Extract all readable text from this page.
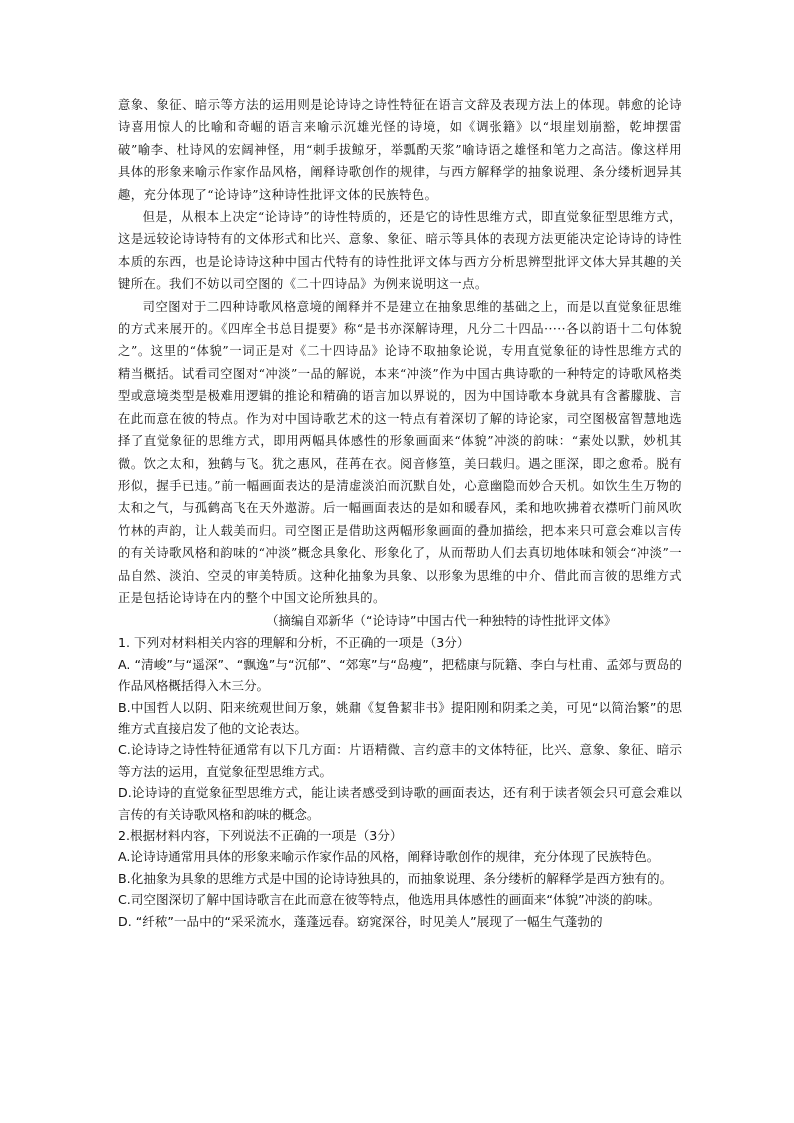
意象、象征、暗示等方法的运用则是论诗诗之诗性特征在语言文辞及表现方法上的体现。韩愈的论诗诗喜用惊人的比喻和奇崛的语言来喻示沉雄光怪的诗境，如《调张籍》以“垠崖划崩豁，乾坤摆雷破”喻李、杜诗风的宏阔神怪，用“刺手拔鲸牙，举瓢酌天浆”喻诗语之雄怪和笔力之高洁。像这样用具体的形象来喻示作家作品风格，阐释诗歌创作的规律，与西方解释学的抽象说理、条分缕析迥异其趣，充分体现了“论诗诗”这种诗性批评文体的民族特色。

但是，从根本上决定“论诗诗”的诗性特质的，还是它的诗性思维方式，即直觉象征型思维方式，这是远较论诗诗特有的文体形式和比兴、意象、象征、暗示等具体的表现方法更能决定论诗诗的诗性本质的东西，也是论诗诗这种中国古代特有的诗性批评文体与西方分析思辨型批评文体大异其趣的关键所在。我们不妨以司空图的《二十四诗品》为例来说明这一点。

司空图对于二四种诗歌风格意境的阐释并不是建立在抽象思维的基础之上，而是以直觉象征思维的方式来展开的。《四库全书总目提要》称“是书亦深解诗理，凡分二十四品·····各以韵语十二句体貌之”。这里的“体貌”一词正是对《二十四诗品》论诗不取抽象论说，专用直觉象征的诗性思维方式的精当概括。试看司空图对“冲淡”一品的解说，本来“冲淡”作为中国古典诗歌的一种特定的诗歌风格类型或意境类型是极难用逻辑的推论和精确的语言加以界说的，因为中国诗歌本身就具有含蓄朦胧、言在此而意在彼的特点。作为对中国诗歌艺术的这一特点有着深切了解的诗论家，司空图极富智慧地选择了直觉象征的思维方式，即用两幅具体感性的形象画面来“体貌”冲淡的韵味：“素处以默，妙机其微。饮之太和，独鹤与飞。犹之惠风，荏苒在衣。阅音修篁，美曰载归。遇之匪深，即之愈希。脱有形似，握手已违。”前一幅画面表达的是清虚淡泊而沉默自处，心意幽隐而妙合天机。如饮生生万物的太和之气，与孤鹤高飞在天外遨游。后一幅画面表达的是如和暖春风，柔和地吹拂着衣襟听门前风吹竹林的声韵，让人载美而归。司空图正是借助这两幅形象画面的叠加描绘，把本来只可意会难以言传的有关诗歌风格和韵味的“冲淡”概念具象化、形象化了，从而帮助人们去真切地体味和领会“冲淡”一品自然、淡泊、空灵的审美特质。这种化抽象为具象、以形象为思维的中介、借此而言彼的思维方式正是包括论诗诗在内的整个中国文论所独具的。

（摘编自邓新华（“论诗诗”中国古代一种独特的诗性批评文体》

1. 下列对材料相关内容的理解和分析，不正确的一项是（3分）

A. “清峻”与“遥深”、“飘逸”与“沉郁”、“郊寒”与“岛瘦”，把嵇康与阮籍、李白与杜甫、孟郊与贾岛的作品风格概括得入木三分。

B.中国哲人以阴、阳来统观世间万象，姚鼐《复鲁絜非书》提阳刚和阴柔之美，可见“以简治繁”的思维方式直接启发了他的文论表达。

C.论诗诗之诗性特征通常有以下几方面：片语精微、言约意丰的文体特征，比兴、意象、象征、暗示等方法的运用，直觉象征型思维方式。

D.论诗诗的直觉象征型思维方式，能让读者感受到诗歌的画面表达，还有利于读者领会只可意会难以言传的有关诗歌风格和韵味的概念。

2.根据材料内容，下列说法不正确的一项是（3分）

A.论诗诗通常用具体的形象来喻示作家作品的风格，阐释诗歌创作的规律，充分体现了民族特色。

B.化抽象为具象的思维方式是中国的论诗诗独具的，而抽象说理、条分缕析的解释学是西方独有的。

C.司空图深切了解中国诗歌言在此而意在彼等特点，他选用具体感性的画面来“体貌”冲淡的韵味。

D. “纤秾”一品中的“采采流水，蓬蓬远春。窈窕深谷，时见美人”展现了一幅生气蓬勃的
